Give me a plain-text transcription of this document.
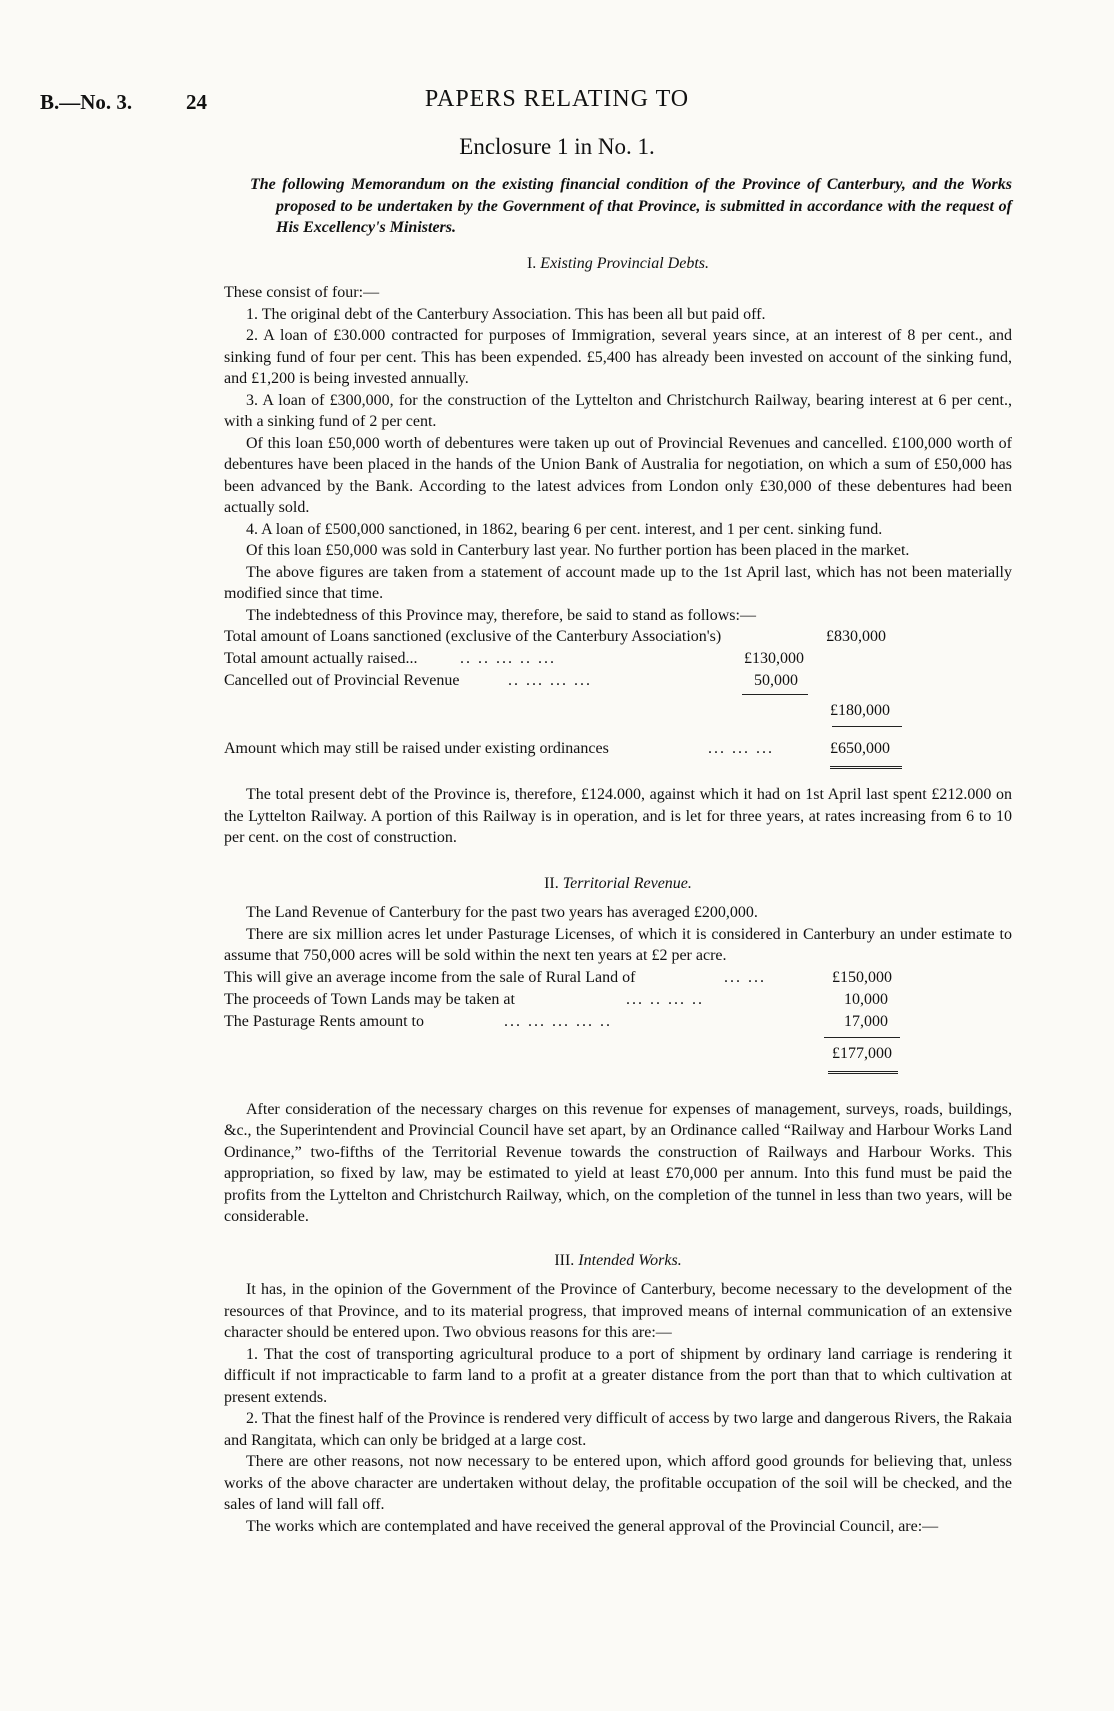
B.—No. 3.	24	PAPERS RELATING TO
Enclosure 1 in No. 1.

The following Memorandum on the existing financial condition of the Province of Canterbury, and the Works proposed to be undertaken by the Government of that Province, is submitted in accordance with the request of His Excellency's Ministers.

I. Existing Provincial Debts.

These consist of four:—

1. The original debt of the Canterbury Association. This has been all but paid off.

2. A loan of £30.000 contracted for purposes of Immigration, several years since, at an interest of 8 per cent., and sinking fund of four per cent. This has been expended. £5,400 has already been invested on account of the sinking fund, and £1,200 is being invested annually.

3. A loan of £300,000, for the construction of the Lyttelton and Christchurch Railway, bearing interest at 6 per cent., with a sinking fund of 2 per cent.

Of this loan £50,000 worth of debentures were taken up out of Provincial Revenues and cancelled. £100,000 worth of debentures have been placed in the hands of the Union Bank of Australia for negotiation, on which a sum of £50,000 has been advanced by the Bank. According to the latest advices from London only £30,000 of these debentures had been actually sold.

4. A loan of £500,000 sanctioned, in 1862, bearing 6 per cent. interest, and 1 per cent. sinking fund.

Of this loan £50,000 was sold in Canterbury last year. No further portion has been placed in the market.

The above figures are taken from a statement of account made up to the 1st April last, which has not been materially modified since that time.

The indebtedness of this Province may, therefore, be said to stand as follows:—

Total amount of Loans sanctioned (exclusive of the Canterbury Association's)	£830,000
Total amount actually raised...	.. .. ... .. ...	£130,000
Cancelled out of Provincial Revenue	.. ... ... ...	50,000
£180,000
Amount which may still be raised under existing ordinances	... ... ...	£650,000

The total present debt of the Province is, therefore, £124.000, against which it had on 1st April last spent £212.000 on the Lyttelton Railway. A portion of this Railway is in operation, and is let for three years, at rates increasing from 6 to 10 per cent. on the cost of construction.

II. Territorial Revenue.

The Land Revenue of Canterbury for the past two years has averaged £200,000.

There are six million acres let under Pasturage Licenses, of which it is considered in Canterbury an under estimate to assume that 750,000 acres will be sold within the next ten years at £2 per acre.

This will give an average income from the sale of Rural Land of	... ...	£150,000
The proceeds of Town Lands may be taken at	... .. ... ..	10,000
The Pasturage Rents amount to	... ... ... ... ..	17,000
£177,000

After consideration of the necessary charges on this revenue for expenses of management, surveys, roads, buildings, &c., the Superintendent and Provincial Council have set apart, by an Ordinance called “Railway and Harbour Works Land Ordinance,” two-fifths of the Territorial Revenue towards the construction of Railways and Harbour Works. This appropriation, so fixed by law, may be estimated to yield at least £70,000 per annum. Into this fund must be paid the profits from the Lyttelton and Christchurch Railway, which, on the completion of the tunnel in less than two years, will be considerable.

III. Intended Works.

It has, in the opinion of the Government of the Province of Canterbury, become necessary to the development of the resources of that Province, and to its material progress, that improved means of internal communication of an extensive character should be entered upon. Two obvious reasons for this are:—

1. That the cost of transporting agricultural produce to a port of shipment by ordinary land carriage is rendering it difficult if not impracticable to farm land to a profit at a greater distance from the port than that to which cultivation at present extends.

2. That the finest half of the Province is rendered very difficult of access by two large and dangerous Rivers, the Rakaia and Rangitata, which can only be bridged at a large cost.

There are other reasons, not now necessary to be entered upon, which afford good grounds for believing that, unless works of the above character are undertaken without delay, the profitable occupation of the soil will be checked, and the sales of land will fall off.

The works which are contemplated and have received the general approval of the Provincial Council, are:—
